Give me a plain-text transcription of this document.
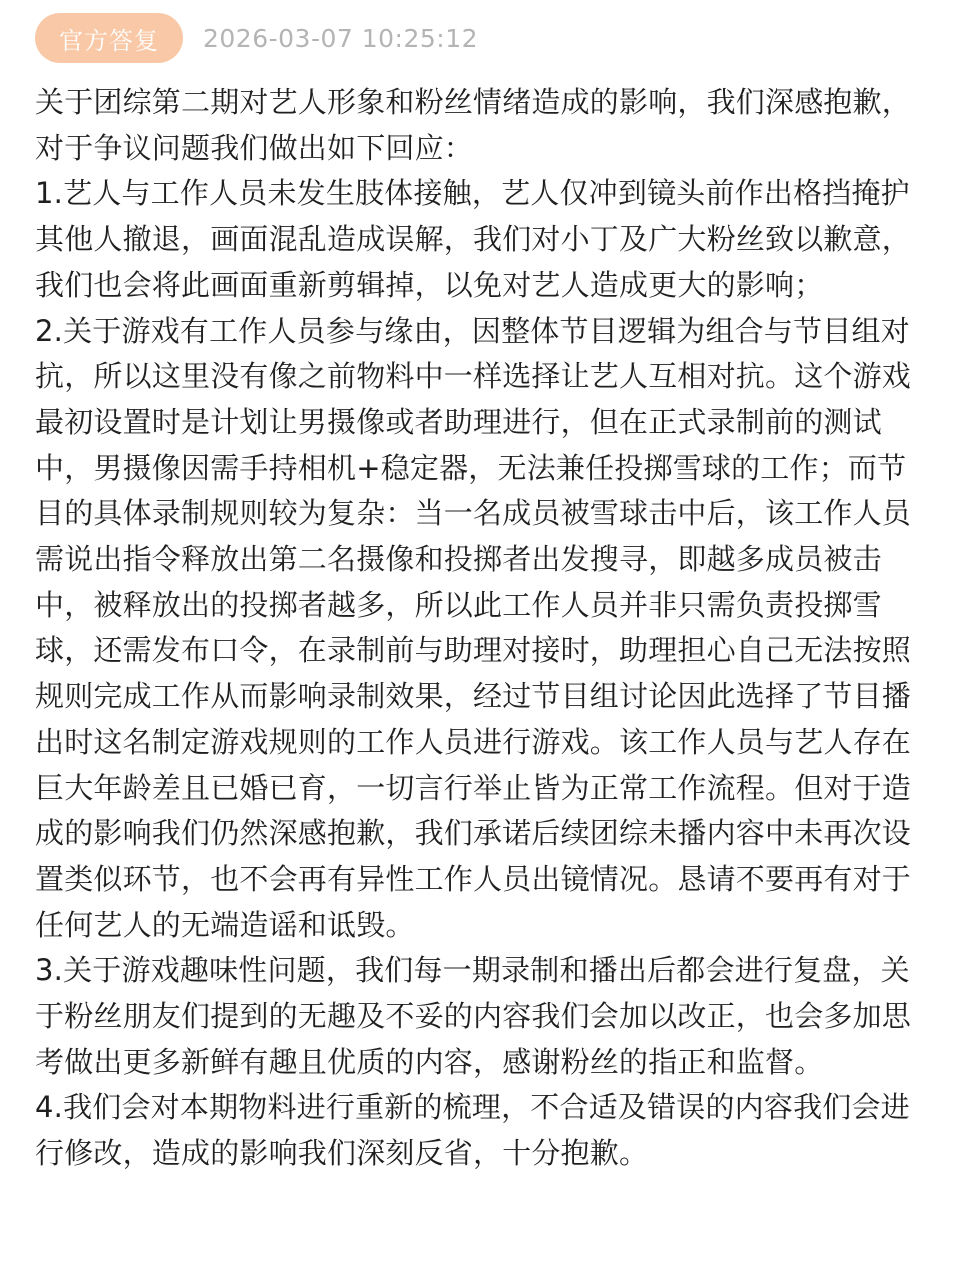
官方答复	2026-03-07 10:25:12

关于团综第二期对艺人形象和粉丝情绪造成的影响，我们深感抱歉，对于争议问题我们做出如下回应：

1.艺人与工作人员未发生肢体接触，艺人仅冲到镜头前作出格挡掩护其他人撤退，画面混乱造成误解，我们对小丁及广大粉丝致以歉意，我们也会将此画面重新剪辑掉，以免对艺人造成更大的影响；

2.关于游戏有工作人员参与缘由，因整体节目逻辑为组合与节目组对抗，所以这里没有像之前物料中一样选择让艺人互相对抗。这个游戏最初设置时是计划让男摄像或者助理进行，但在正式录制前的测试中，男摄像因需手持相机+稳定器，无法兼任投掷雪球的工作；而节目的具体录制规则较为复杂：当一名成员被雪球击中后，该工作人员需说出指令释放出第二名摄像和投掷者出发搜寻，即越多成员被击中，被释放出的投掷者越多，所以此工作人员并非只需负责投掷雪球，还需发布口令，在录制前与助理对接时，助理担心自己无法按照规则完成工作从而影响录制效果，经过节目组讨论因此选择了节目播出时这名制定游戏规则的工作人员进行游戏。该工作人员与艺人存在巨大年龄差且已婚已育，一切言行举止皆为正常工作流程。但对于造成的影响我们仍然深感抱歉，我们承诺后续团综未播内容中未再次设置类似环节，也不会再有异性工作人员出镜情况。恳请不要再有对于任何艺人的无端造谣和诋毁。

3.关于游戏趣味性问题，我们每一期录制和播出后都会进行复盘，关于粉丝朋友们提到的无趣及不妥的内容我们会加以改正，也会多加思考做出更多新鲜有趣且优质的内容，感谢粉丝的指正和监督。

4.我们会对本期物料进行重新的梳理，不合适及错误的内容我们会进行修改，造成的影响我们深刻反省，十分抱歉。
